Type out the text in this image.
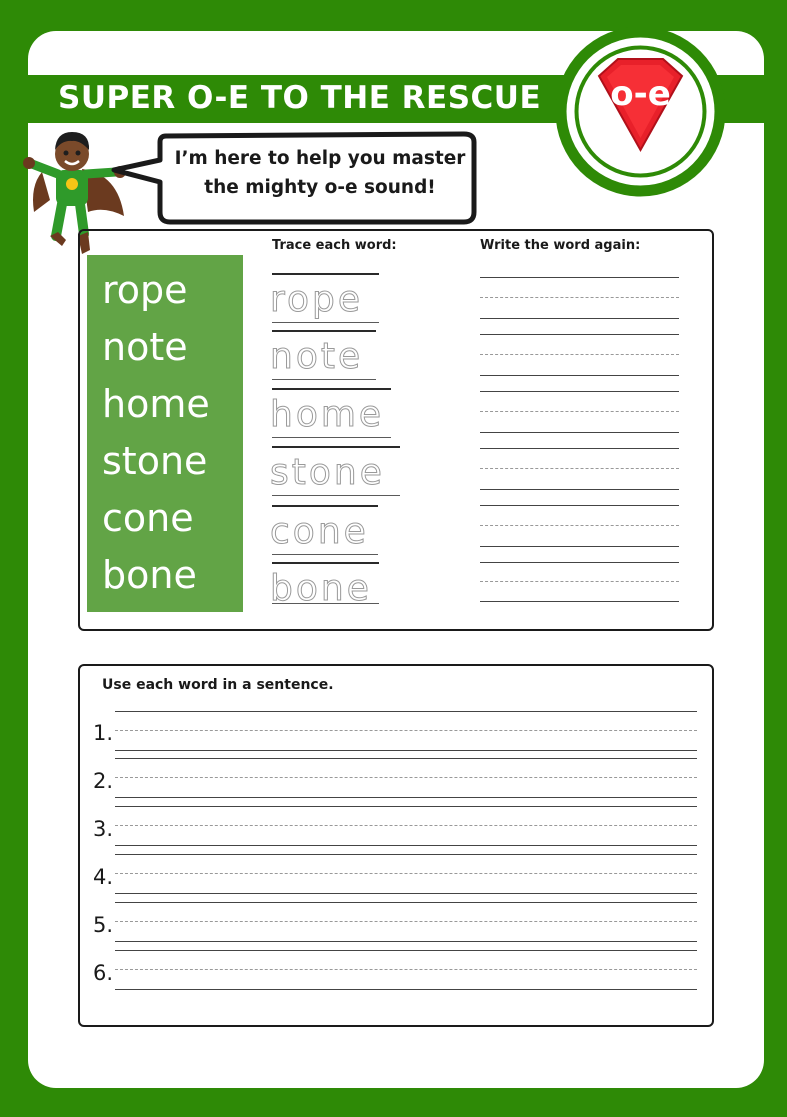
SUPER O-E TO THE RESCUE o-e
I’m here to help you master
the mighty o-e sound!
rope
note
home
stone
cone
bone
Trace each word:	Write the word again:
rope
note
home
stone
cone
bone
Use each word in a sentence.
1.
2.
3.
4.
5.
6.
